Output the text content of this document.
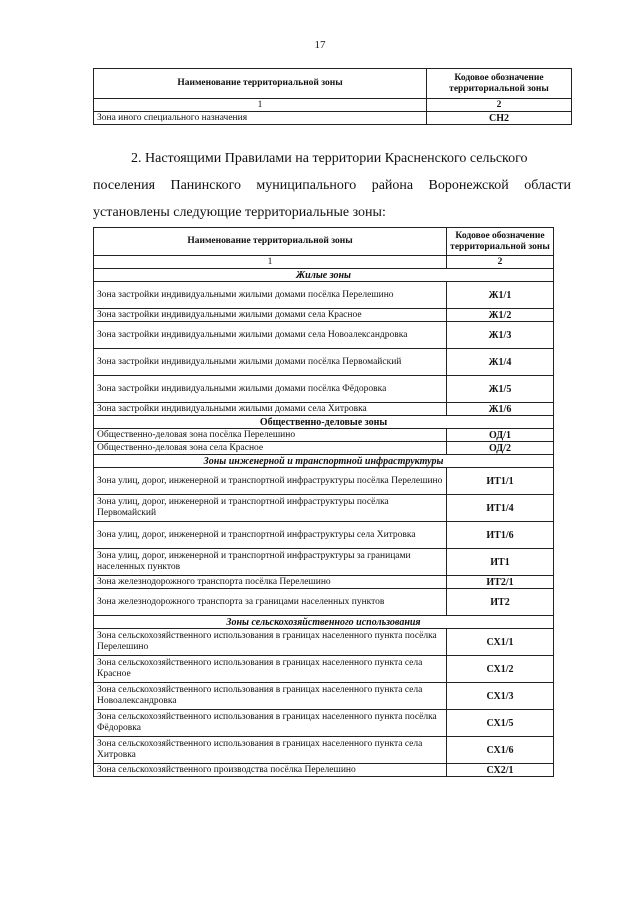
17
Наименование территориальной зоны	Кодовое обозначение территориальной зоны
1	2
Зона иного специального назначения	СН2
2. Настоящими Правилами на территории Красненского сельского
поселения Панинского муниципального района Воронежской области
установлены следующие территориальные зоны:
Наименование территориальной зоны	Кодовое обозначение территориальной зоны
1	2
Жилые зоны	
Зона застройки индивидуальными жилыми домами посёлка Перелешино	Ж1/1
Зона застройки индивидуальными жилыми домами села Красное	Ж1/2
Зона застройки индивидуальными жилыми домами села Новоалександровка	Ж1/3
Зона застройки индивидуальными жилыми домами посёлка Первомайский	Ж1/4
Зона застройки индивидуальными жилыми домами посёлка Фёдоровка	Ж1/5
Зона застройки индивидуальными жилыми домами села Хитровка	Ж1/6
Общественно-деловые зоны	
Общественно-деловая зона посёлка Перелешино	ОД/1
Общественно-деловая зона села Красное	ОД/2
Зоны инженерной и транспортной инфраструктуры	
Зона улиц, дорог, инженерной и транспортной инфраструктуры посёлка Перелешино	ИТ1/1
Зона улиц, дорог, инженерной и транспортной инфраструктуры посёлка Первомайский	ИТ1/4
Зона улиц, дорог, инженерной и транспортной инфраструктуры села Хитровка	ИТ1/6
Зона улиц, дорог, инженерной и транспортной инфраструктуры за границами населенных пунктов	ИТ1
Зона железнодорожного транспорта посёлка Перелешино	ИТ2/1
Зона железнодорожного транспорта за границами населенных пунктов	ИТ2
Зоны сельскохозяйственного использования	
Зона сельскохозяйственного использования в границах населенного пункта посёлка Перелешино	СХ1/1
Зона сельскохозяйственного использования в границах населенного пункта села Красное	СХ1/2
Зона сельскохозяйственного использования в границах населенного пункта села Новоалександровка	СХ1/3
Зона сельскохозяйственного использования в границах населенного пункта посёлка Фёдоровка	СХ1/5
Зона сельскохозяйственного использования в границах населенного пункта села Хитровка	СХ1/6
Зона сельскохозяйственного производства посёлка Перелешино	СХ2/1
